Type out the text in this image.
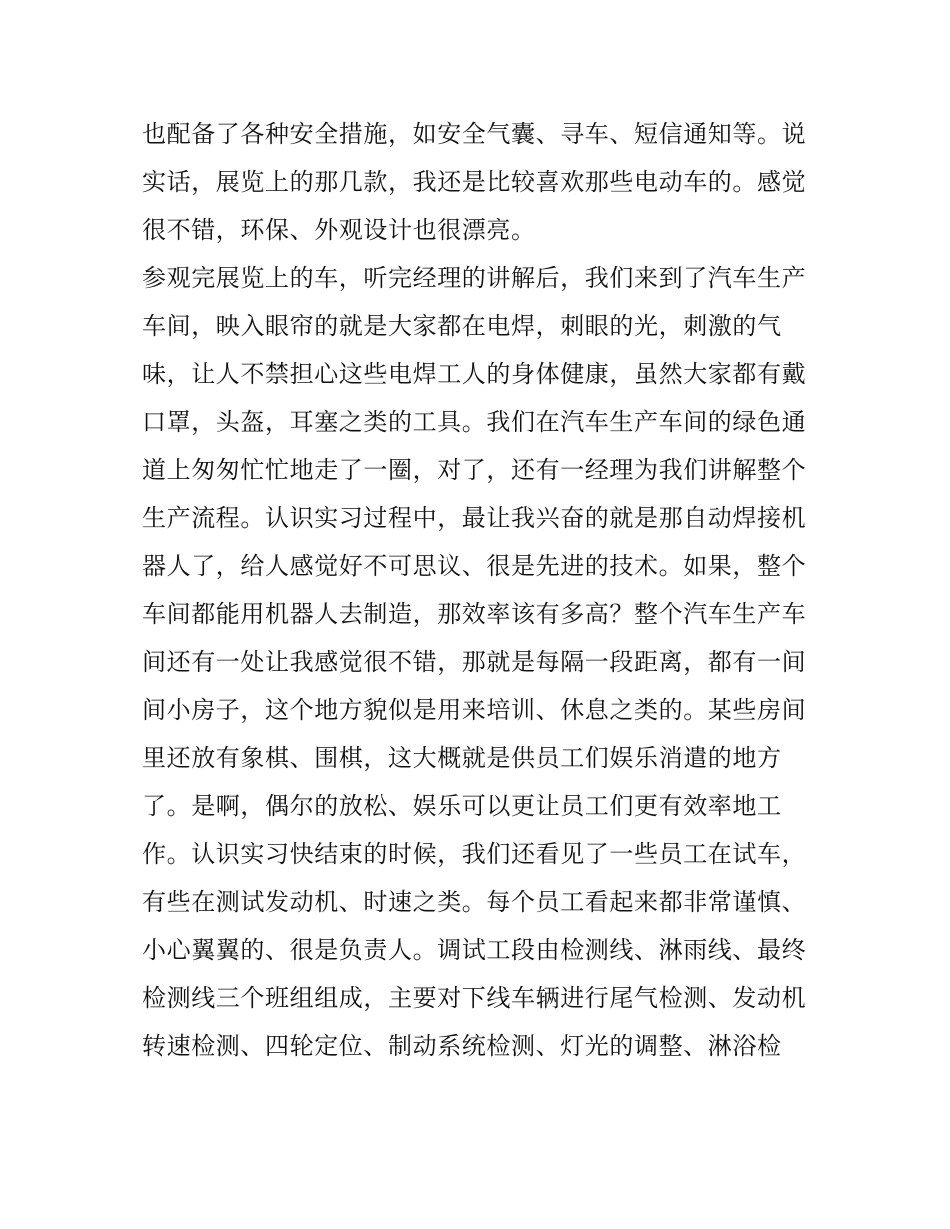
也配备了各种安全措施，如安全气囊、寻车、短信通知等。说
实话，展览上的那几款，我还是比较喜欢那些电动车的。感觉
很不错，环保、外观设计也很漂亮。
参观完展览上的车，听完经理的讲解后，我们来到了汽车生产
车间，映入眼帘的就是大家都在电焊，刺眼的光，刺激的气
味，让人不禁担心这些电焊工人的身体健康，虽然大家都有戴
口罩，头盔，耳塞之类的工具。我们在汽车生产车间的绿色通
道上匆匆忙忙地走了一圈，对了，还有一经理为我们讲解整个
生产流程。认识实习过程中，最让我兴奋的就是那自动焊接机
器人了，给人感觉好不可思议、很是先进的技术。如果，整个
车间都能用机器人去制造，那效率该有多高？整个汽车生产车
间还有一处让我感觉很不错，那就是每隔一段距离，都有一间
间小房子，这个地方貌似是用来培训、休息之类的。某些房间
里还放有象棋、围棋，这大概就是供员工们娱乐消遣的地方
了。是啊，偶尔的放松、娱乐可以更让员工们更有效率地工
作。认识实习快结束的时候，我们还看见了一些员工在试车，
有些在测试发动机、时速之类。每个员工看起来都非常谨慎、
小心翼翼的、很是负责人。调试工段由检测线、淋雨线、最终
检测线三个班组组成，主要对下线车辆进行尾气检测、发动机
转速检测、四轮定位、制动系统检测、灯光的调整、淋浴检
